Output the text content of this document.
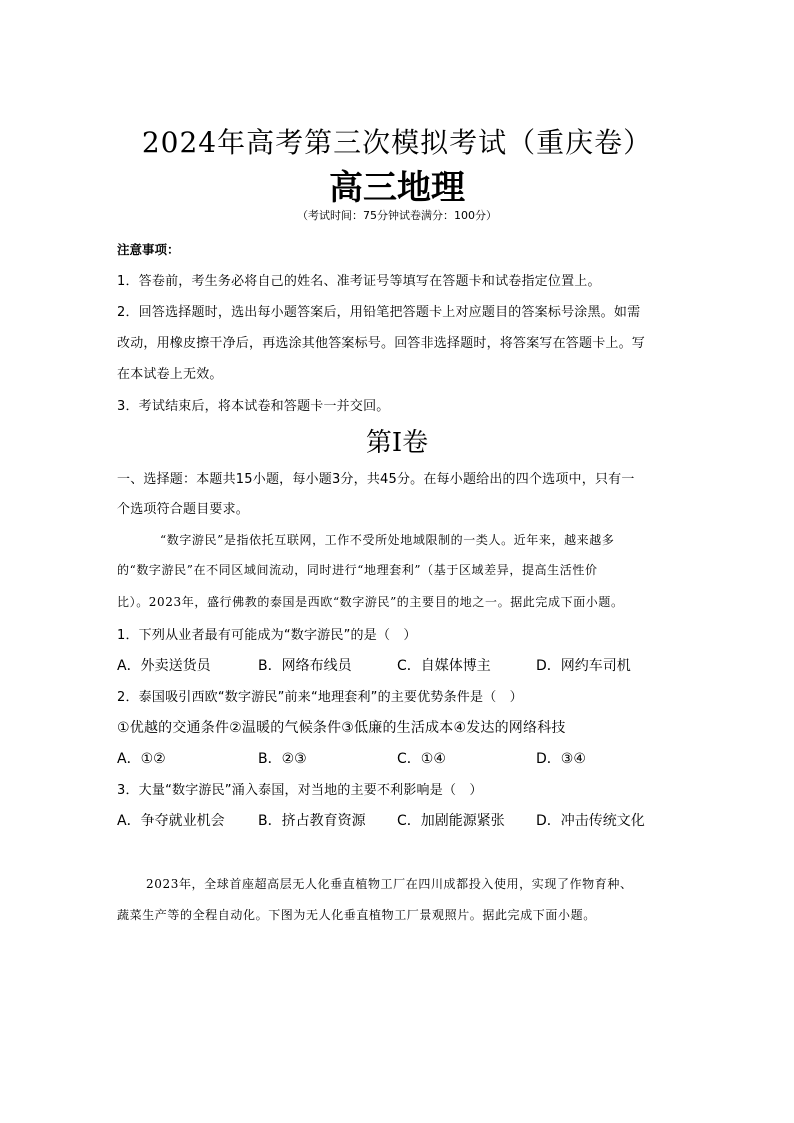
2024年高考第三次模拟考试（重庆卷）
高三地理
（考试时间：75分钟试卷满分：100分）
注意事项：
1．答卷前，考生务必将自己的姓名、准考证号等填写在答题卡和试卷指定位置上。
2．回答选择题时，选出每小题答案后，用铅笔把答题卡上对应题目的答案标号涂黑。如需
改动，用橡皮擦干净后，再选涂其他答案标号。回答非选择题时，将答案写在答题卡上。写
在本试卷上无效。
3．考试结束后，将本试卷和答题卡一并交回。
第Ⅰ卷
一、选择题：本题共15小题，每小题3分，共45分。在每小题给出的四个选项中，只有一
个选项符合题目要求。
“数字游民”是指依托互联网，工作不受所处地域限制的一类人。近年来，越来越多
的“数字游民”在不同区域间流动，同时进行“地理套利”（基于区域差异，提高生活性价
比）。2023年，盛行佛教的泰国是西欧“数字游民”的主要目的地之一。据此完成下面小题。
1．下列从业者最有可能成为“数字游民”的是（　）
A．外卖送货员	B．网络布线员	C．自媒体博主	D．网约车司机
2．泰国吸引西欧“数字游民”前来“地理套利”的主要优势条件是（　）
①优越的交通条件②温暖的气候条件③低廉的生活成本④发达的网络科技
A．①②	B．②③	C．①④	D．③④
3．大量“数字游民”涌入泰国，对当地的主要不利影响是（　）
A．争夺就业机会 B．挤占教育资源 C．加剧能源紧张 D．冲击传统文化
2023年，全球首座超高层无人化垂直植物工厂在四川成都投入使用，实现了作物育种、
蔬菜生产等的全程自动化。下图为无人化垂直植物工厂景观照片。据此完成下面小题。
